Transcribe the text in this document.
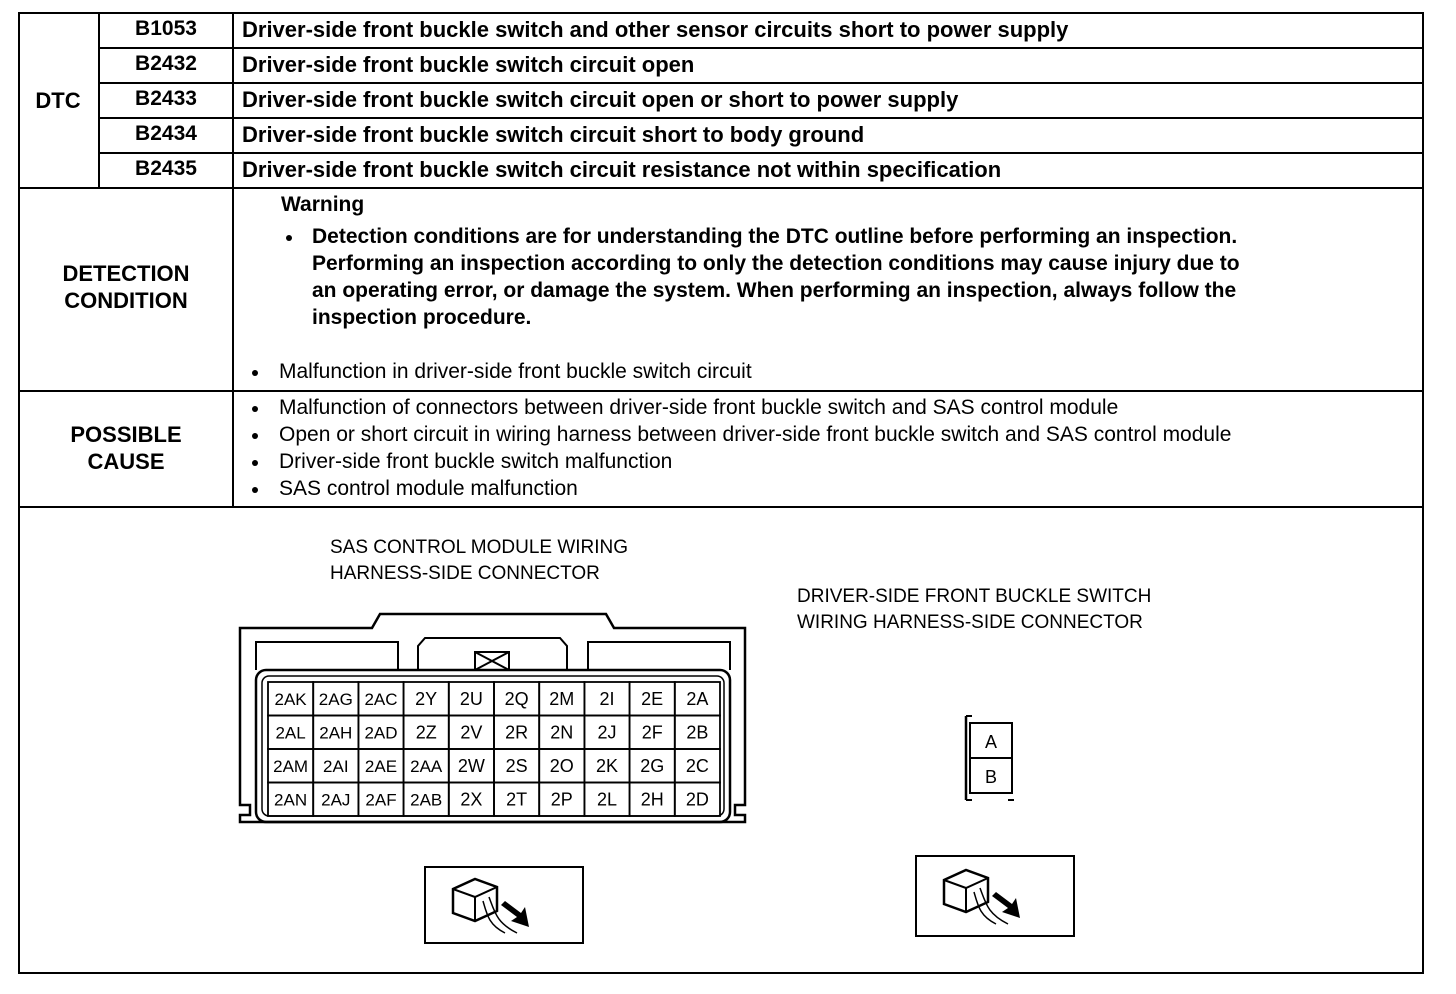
DTC
B1053	Driver-side front buckle switch and other sensor circuits short to power supply
B2432	Driver-side front buckle switch circuit open
B2433	Driver-side front buckle switch circuit open or short to power supply
B2434	Driver-side front buckle switch circuit short to body ground
B2435	Driver-side front buckle switch circuit resistance not within specification
DETECTION
CONDITION
Warning
Detection conditions are for understanding the DTC outline before performing an inspection.
Performing an inspection according to only the detection conditions may cause injury due to
an operating error, or damage the system. When performing an inspection, always follow the
inspection procedure.
Malfunction in driver-side front buckle switch circuit
POSSIBLE
CAUSE
Malfunction of connectors between driver-side front buckle switch and SAS control module
Open or short circuit in wiring harness between driver-side front buckle switch and SAS control module
Driver-side front buckle switch malfunction
SAS control module malfunction
SAS CONTROL MODULE WIRING
HARNESS-SIDE CONNECTOR
DRIVER-SIDE FRONT BUCKLE SWITCH
WIRING HARNESS-SIDE CONNECTOR
2AK 2AG 2AC 2Y 2U 2Q 2M 2I 2E 2A
2AL 2AH 2AD 2Z 2V 2R 2N 2J 2F 2B
2AM 2AI 2AE 2AA 2W 2S 2O 2K 2G 2C
2AN 2AJ 2AF 2AB 2X 2T 2P 2L 2H 2D
A
B
